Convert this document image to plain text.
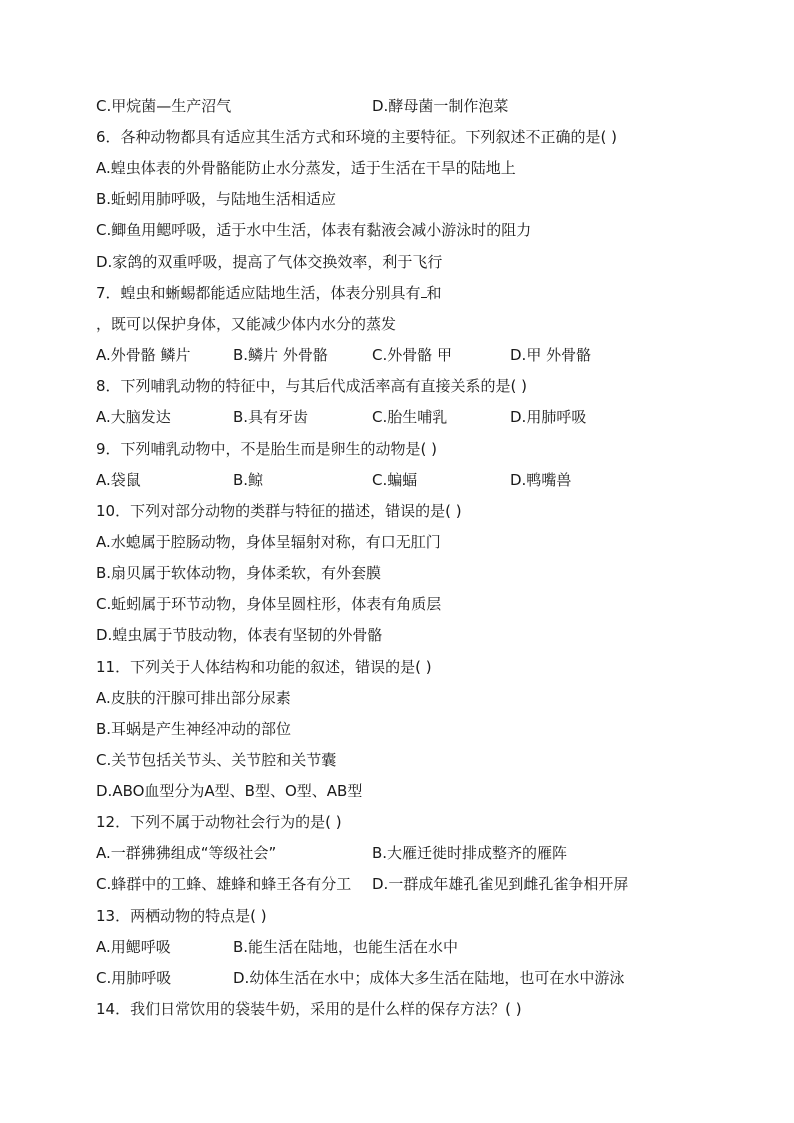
C.甲烷菌—生产沼气	D.酵母菌一制作泡菜
6．各种动物都具有适应其生活方式和环境的主要特征。下列叙述不正确的是( )
A.蝗虫体表的外骨骼能防止水分蒸发，适于生活在干旱的陆地上
B.蚯蚓用肺呼吸，与陆地生活相适应
C.鲫鱼用鳃呼吸，适于水中生活，体表有黏液会减小游泳时的阻力
D.家鸽的双重呼吸，提高了气体交换效率，利于飞行
7．蝗虫和蜥蜴都能适应陆地生活，体表分别具有 和
，既可以保护身体，又能减少体内水分的蒸发
A.外骨骼 鳞片	B.鳞片 外骨骼	C.外骨骼 甲	D.甲 外骨骼
8．下列哺乳动物的特征中，与其后代成活率高有直接关系的是( )
A.大脑发达	B.具有牙齿	C.胎生哺乳	D.用肺呼吸
9．下列哺乳动物中，不是胎生而是卵生的动物是( )
A.袋鼠	B.鲸	C.蝙蝠	D.鸭嘴兽
10．下列对部分动物的类群与特征的描述，错误的是( )
A.水螅属于腔肠动物，身体呈辐射对称，有口无肛门
B.扇贝属于软体动物，身体柔软，有外套膜
C.蚯蚓属于环节动物，身体呈圆柱形，体表有角质层
D.蝗虫属于节肢动物，体表有坚韧的外骨骼
11．下列关于人体结构和功能的叙述，错误的是( )
A.皮肤的汗腺可排出部分尿素
B.耳蜗是产生神经冲动的部位
C.关节包括关节头、关节腔和关节囊
D.ABO血型分为A型、B型、O型、AB型
12．下列不属于动物社会行为的是( )
A.一群狒狒组成“等级社会”	B.大雁迁徙时排成整齐的雁阵
C.蜂群中的工蜂、雄蜂和蜂王各有分工 D.一群成年雄孔雀见到雌孔雀争相开屏
13．两栖动物的特点是( )
A.用鳃呼吸	B.能生活在陆地，也能生活在水中
C.用肺呼吸	D.幼体生活在水中；成体大多生活在陆地，也可在水中游泳
14．我们日常饮用的袋装牛奶，采用的是什么样的保存方法？( )
